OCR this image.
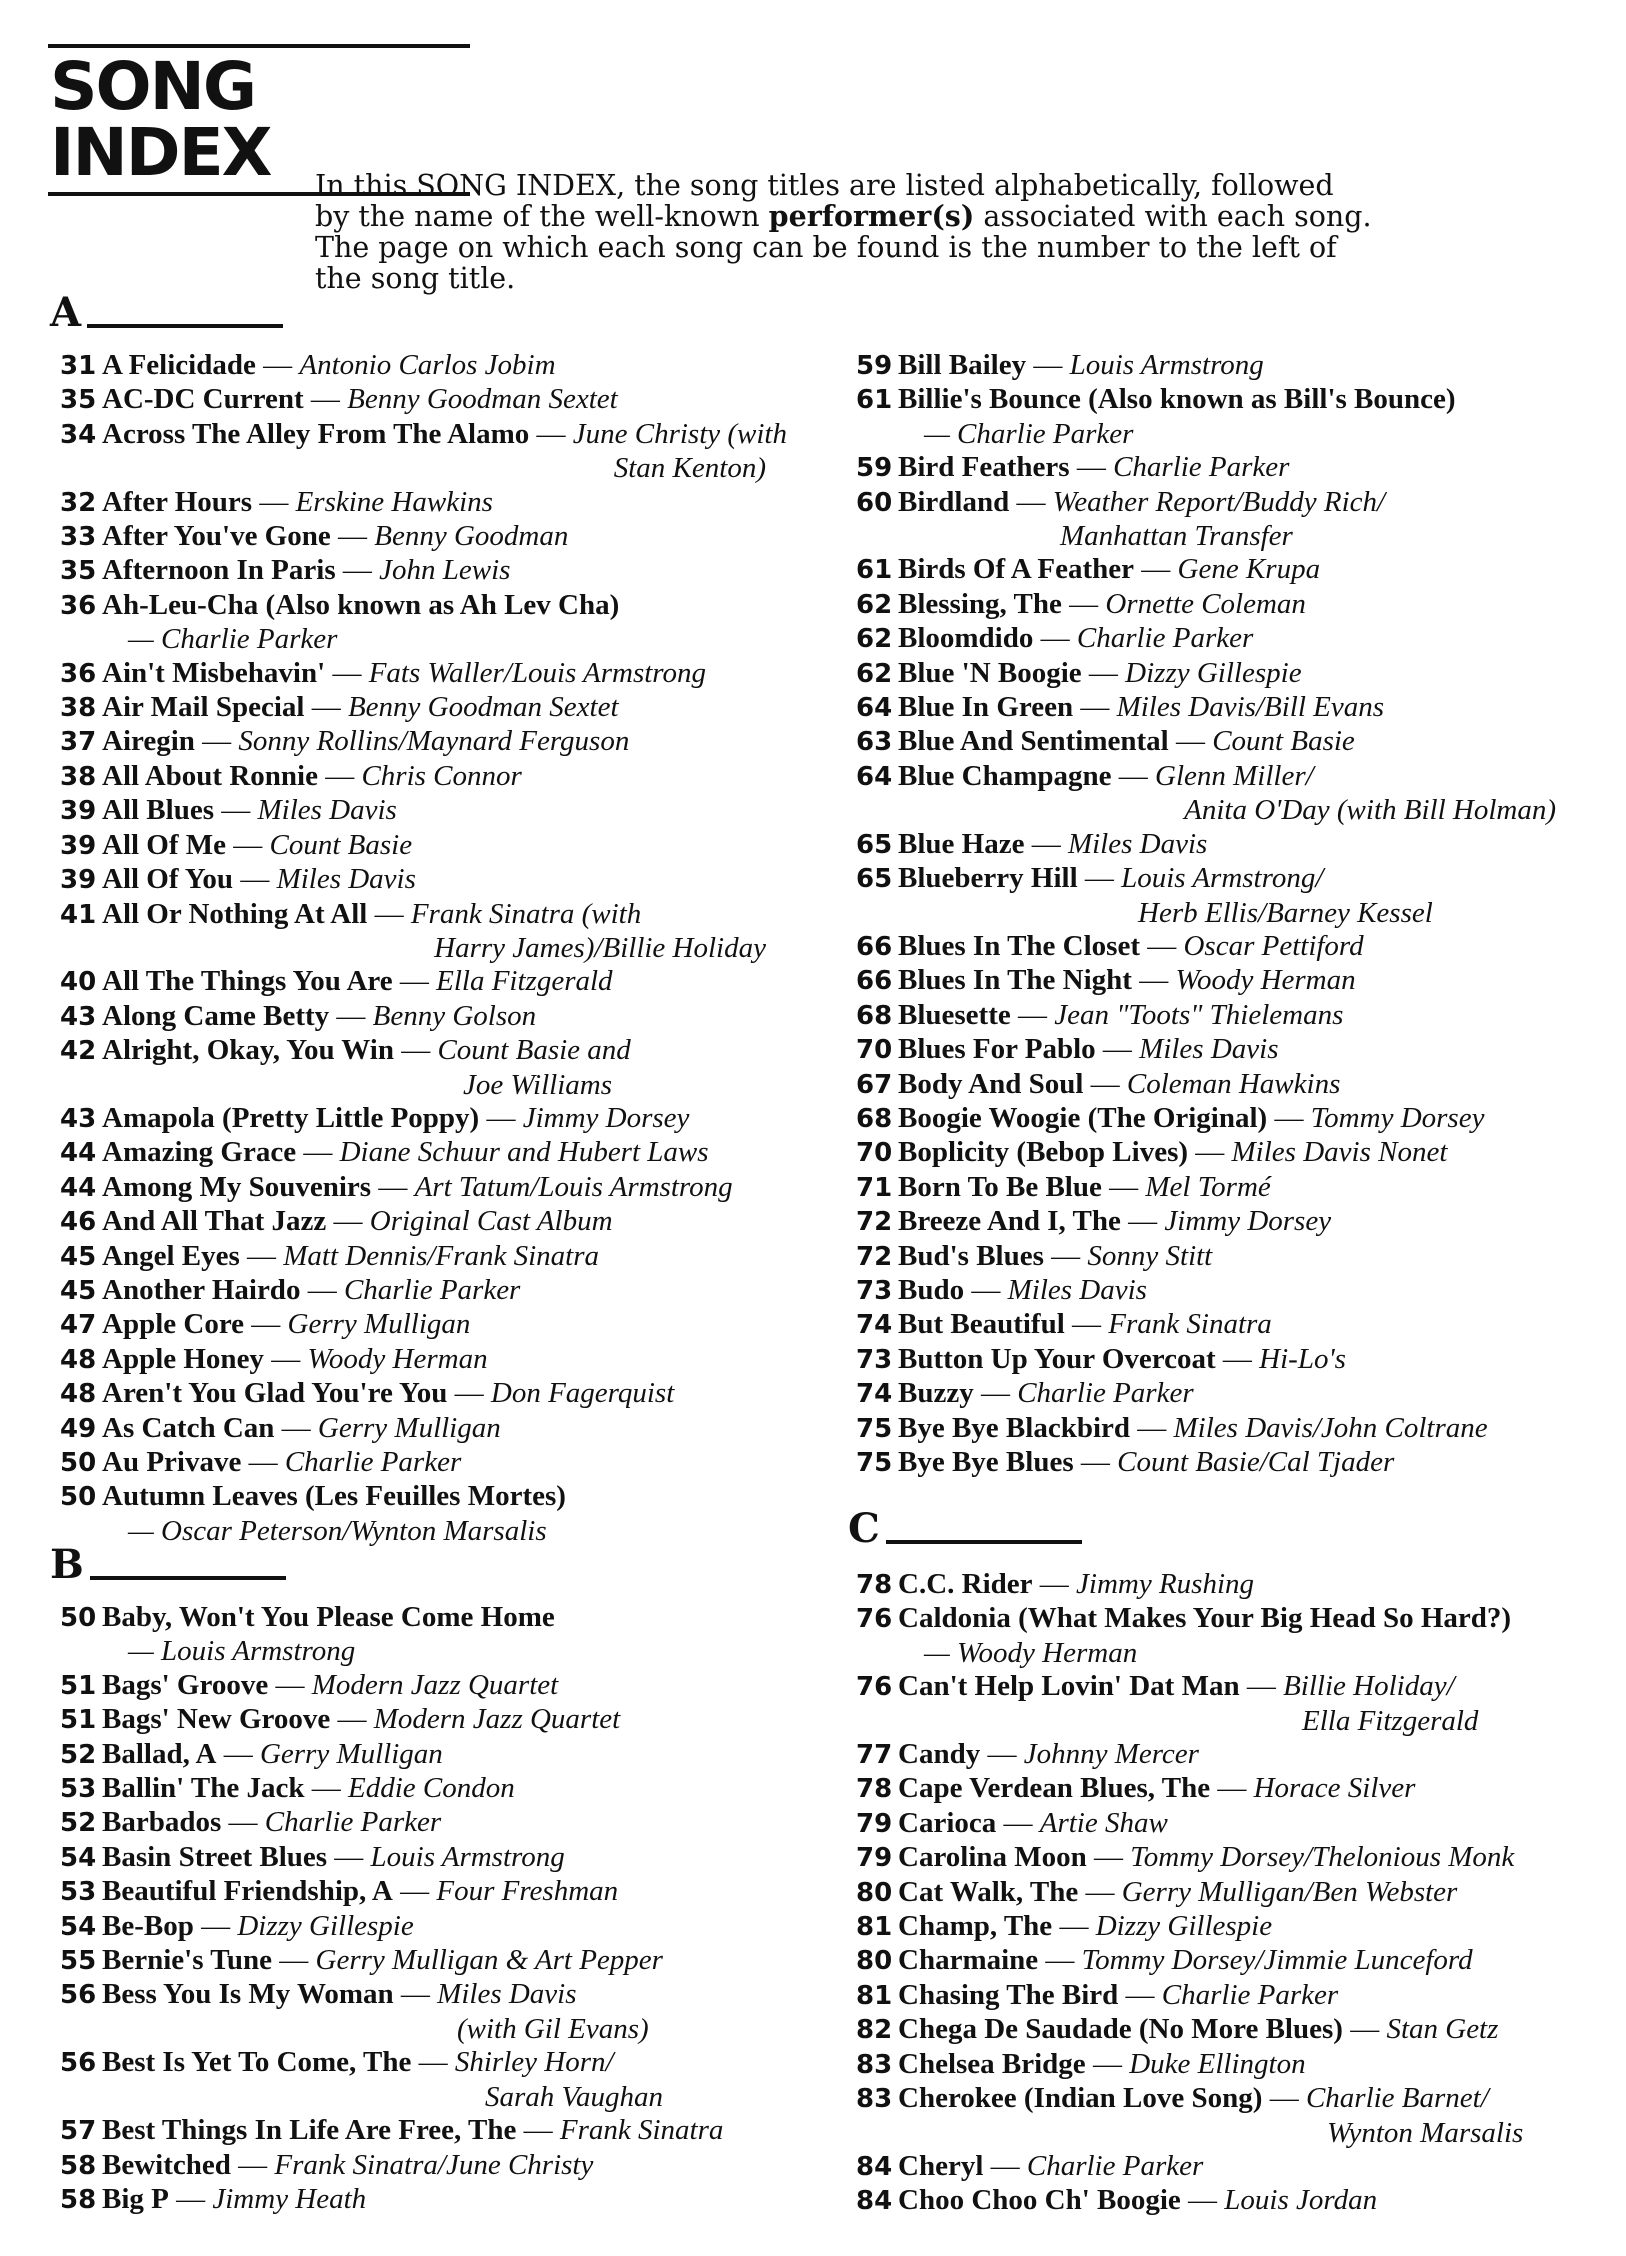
SONG INDEX	In this SONG INDEX, the song titles are listed alphabetically, followed by the name of the well-known performer(s) associated with each song. The page on which each song can be found is the number to the left of the song title.
A
B
C
31 A Felicidade — Antonio Carlos Jobim
35 AC-DC Current — Benny Goodman Sextet
34 Across The Alley From The Alamo — June Christy (with
Stan Kenton)
32 After Hours — Erskine Hawkins
33 After You've Gone — Benny Goodman
35 Afternoon In Paris — John Lewis
36 Ah-Leu-Cha (Also known as Ah Lev Cha)
— Charlie Parker
36 Ain't Misbehavin' — Fats Waller/Louis Armstrong
38 Air Mail Special — Benny Goodman Sextet
37 Airegin — Sonny Rollins/Maynard Ferguson
38 All About Ronnie — Chris Connor
39 All Blues — Miles Davis
39 All Of Me — Count Basie
39 All Of You — Miles Davis
41 All Or Nothing At All — Frank Sinatra (with
Harry James)/Billie Holiday
40 All The Things You Are — Ella Fitzgerald
43 Along Came Betty — Benny Golson
42 Alright, Okay, You Win — Count Basie and
Joe Williams
43 Amapola (Pretty Little Poppy) — Jimmy Dorsey
44 Amazing Grace — Diane Schuur and Hubert Laws
44 Among My Souvenirs — Art Tatum/Louis Armstrong
46 And All That Jazz — Original Cast Album
45 Angel Eyes — Matt Dennis/Frank Sinatra
45 Another Hairdo — Charlie Parker
47 Apple Core — Gerry Mulligan
48 Apple Honey — Woody Herman
48 Aren't You Glad You're You — Don Fagerquist
49 As Catch Can — Gerry Mulligan
50 Au Privave — Charlie Parker
50 Autumn Leaves (Les Feuilles Mortes)
— Oscar Peterson/Wynton Marsalis
50 Baby, Won't You Please Come Home
— Louis Armstrong
51 Bags' Groove — Modern Jazz Quartet
51 Bags' New Groove — Modern Jazz Quartet
52 Ballad, A — Gerry Mulligan
53 Ballin' The Jack — Eddie Condon
52 Barbados — Charlie Parker
54 Basin Street Blues — Louis Armstrong
53 Beautiful Friendship, A — Four Freshman
54 Be-Bop — Dizzy Gillespie
55 Bernie's Tune — Gerry Mulligan & Art Pepper
56 Bess You Is My Woman — Miles Davis
(with Gil Evans)
56 Best Is Yet To Come, The — Shirley Horn/
Sarah Vaughan
57 Best Things In Life Are Free, The — Frank Sinatra
58 Bewitched — Frank Sinatra/June Christy
58 Big P — Jimmy Heath
59 Bill Bailey — Louis Armstrong
61 Billie's Bounce (Also known as Bill's Bounce)
— Charlie Parker
59 Bird Feathers — Charlie Parker
60 Birdland — Weather Report/Buddy Rich/
Manhattan Transfer
61 Birds Of A Feather — Gene Krupa
62 Blessing, The — Ornette Coleman
62 Bloomdido — Charlie Parker
62 Blue 'N Boogie — Dizzy Gillespie
64 Blue In Green — Miles Davis/Bill Evans
63 Blue And Sentimental — Count Basie
64 Blue Champagne — Glenn Miller/
Anita O'Day (with Bill Holman)
65 Blue Haze — Miles Davis
65 Blueberry Hill — Louis Armstrong/
Herb Ellis/Barney Kessel
66 Blues In The Closet — Oscar Pettiford
66 Blues In The Night — Woody Herman
68 Bluesette — Jean "Toots" Thielemans
70 Blues For Pablo — Miles Davis
67 Body And Soul — Coleman Hawkins
68 Boogie Woogie (The Original) — Tommy Dorsey
70 Boplicity (Bebop Lives) — Miles Davis Nonet
71 Born To Be Blue — Mel Tormé
72 Breeze And I, The — Jimmy Dorsey
72 Bud's Blues — Sonny Stitt
73 Budo — Miles Davis
74 But Beautiful — Frank Sinatra
73 Button Up Your Overcoat — Hi-Lo's
74 Buzzy — Charlie Parker
75 Bye Bye Blackbird — Miles Davis/John Coltrane
75 Bye Bye Blues — Count Basie/Cal Tjader
78 C.C. Rider — Jimmy Rushing
76 Caldonia (What Makes Your Big Head So Hard?)
— Woody Herman
76 Can't Help Lovin' Dat Man — Billie Holiday/
Ella Fitzgerald
77 Candy — Johnny Mercer
78 Cape Verdean Blues, The — Horace Silver
79 Carioca — Artie Shaw
79 Carolina Moon — Tommy Dorsey/Thelonious Monk
80 Cat Walk, The — Gerry Mulligan/Ben Webster
81 Champ, The — Dizzy Gillespie
80 Charmaine — Tommy Dorsey/Jimmie Lunceford
81 Chasing The Bird — Charlie Parker
82 Chega De Saudade (No More Blues) — Stan Getz
83 Chelsea Bridge — Duke Ellington
83 Cherokee (Indian Love Song) — Charlie Barnet/
Wynton Marsalis
84 Cheryl — Charlie Parker
84 Choo Choo Ch' Boogie — Louis Jordan
